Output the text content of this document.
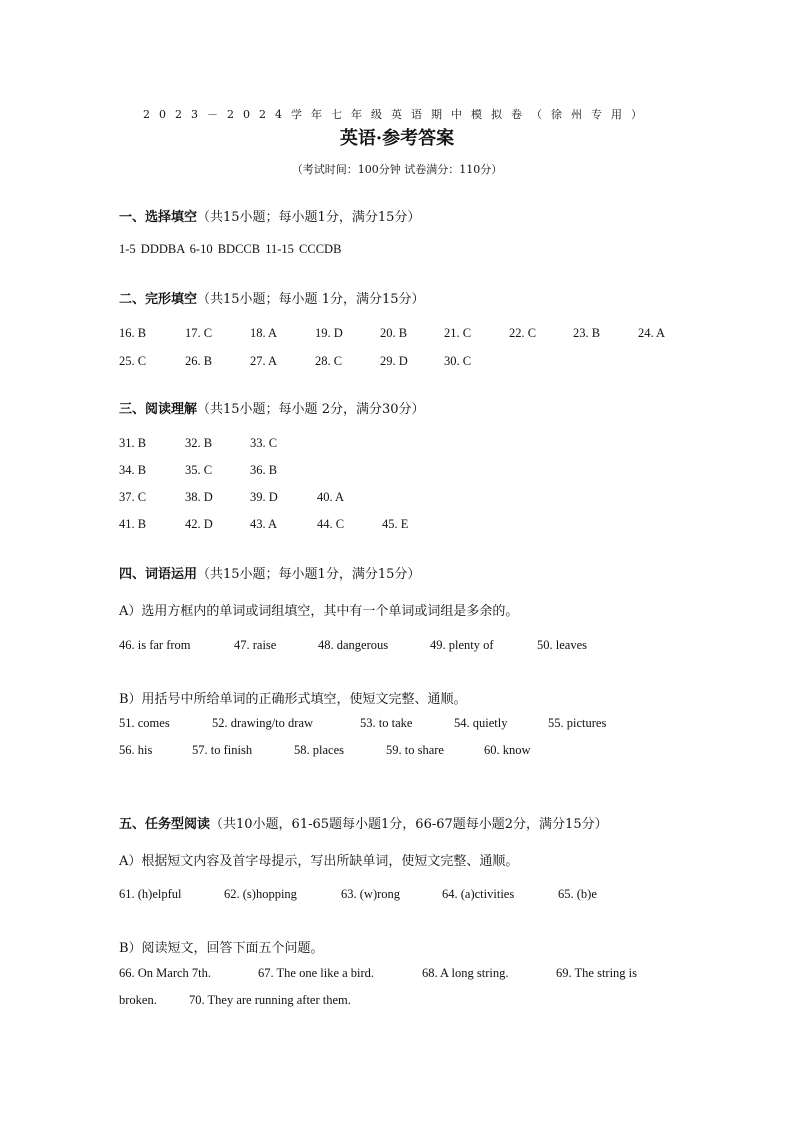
2023－2024学年七年级英语期中模拟卷（徐州专用）
英语·参考答案
（考试时间：100分钟 试卷满分：110分）
一、选择填空（共15小题；每小题1分，满分15分）
1-5 DDDBA 6-10 BDCCB 11-15 CCCDB
二、完形填空（共15小题；每小题 1分，满分15分）
16. B	17. C	18. A	19. D	20. B	21. C	22. C	23. B	24. A
25. C	26. B	27. A	28. C	29. D	30. C
三、阅读理解（共15小题；每小题 2分，满分30分）
31. B	32. B	33. C
34. B	35. C	36. B
37. C	38. D	39. D	40. A
41. B	42. D	43. A	44. C	45. E
四、词语运用（共15小题；每小题1分，满分15分）
A）选用方框内的单词或词组填空，其中有一个单词或词组是多余的。
46. is far from	47. raise	48. dangerous	49. plenty of	50. leaves
B）用括号中所给单词的正确形式填空，使短文完整、通顺。
51. comes	52. drawing/to draw	53. to take	54. quietly	55. pictures
56. his	57. to finish	58. places	59. to share	60. know
五、任务型阅读（共10小题，61-65题每小题1分，66-67题每小题2分，满分15分）
A）根据短文内容及首字母提示，写出所缺单词，使短文完整、通顺。
61. (h)elpful	62. (s)hopping	63. (w)rong	64. (a)ctivities	65. (b)e
B）阅读短文，回答下面五个问题。
66. On March 7th.	67. The one like a bird.	68. A long string.	69. The string is
broken.	70. They are running after them.
